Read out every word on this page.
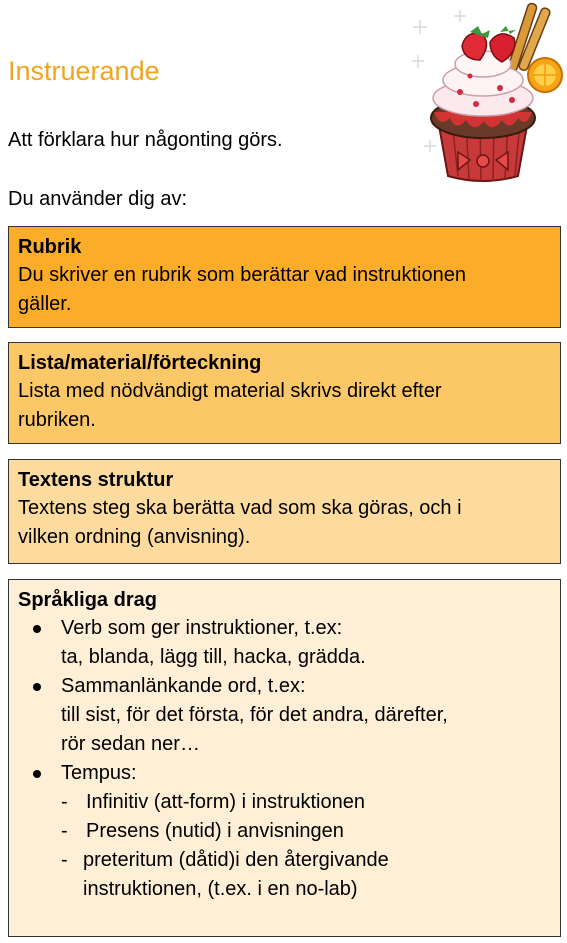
Instruerande
Att förklara hur någonting görs.
Du använder dig av:
Rubrik
Du skriver en rubrik som berättar vad instruktionen
gäller.
Lista/material/förteckning
Lista med nödvändigt material skrivs direkt efter
rubriken.
Textens struktur
Textens steg ska berätta vad som ska göras, och i
vilken ordning (anvisning).
Språkliga drag
Verb som ger instruktioner, t.ex:
ta, blanda, lägg till, hacka, grädda.
Sammanlänkande ord, t.ex:
till sist, för det första, för det andra, därefter,
rör sedan ner…
Tempus:
- Infinitiv (att-form) i instruktionen
- Presens (nutid) i anvisningen
- preteritum (dåtid)i den återgivande
instruktionen, (t.ex. i en no-lab)
